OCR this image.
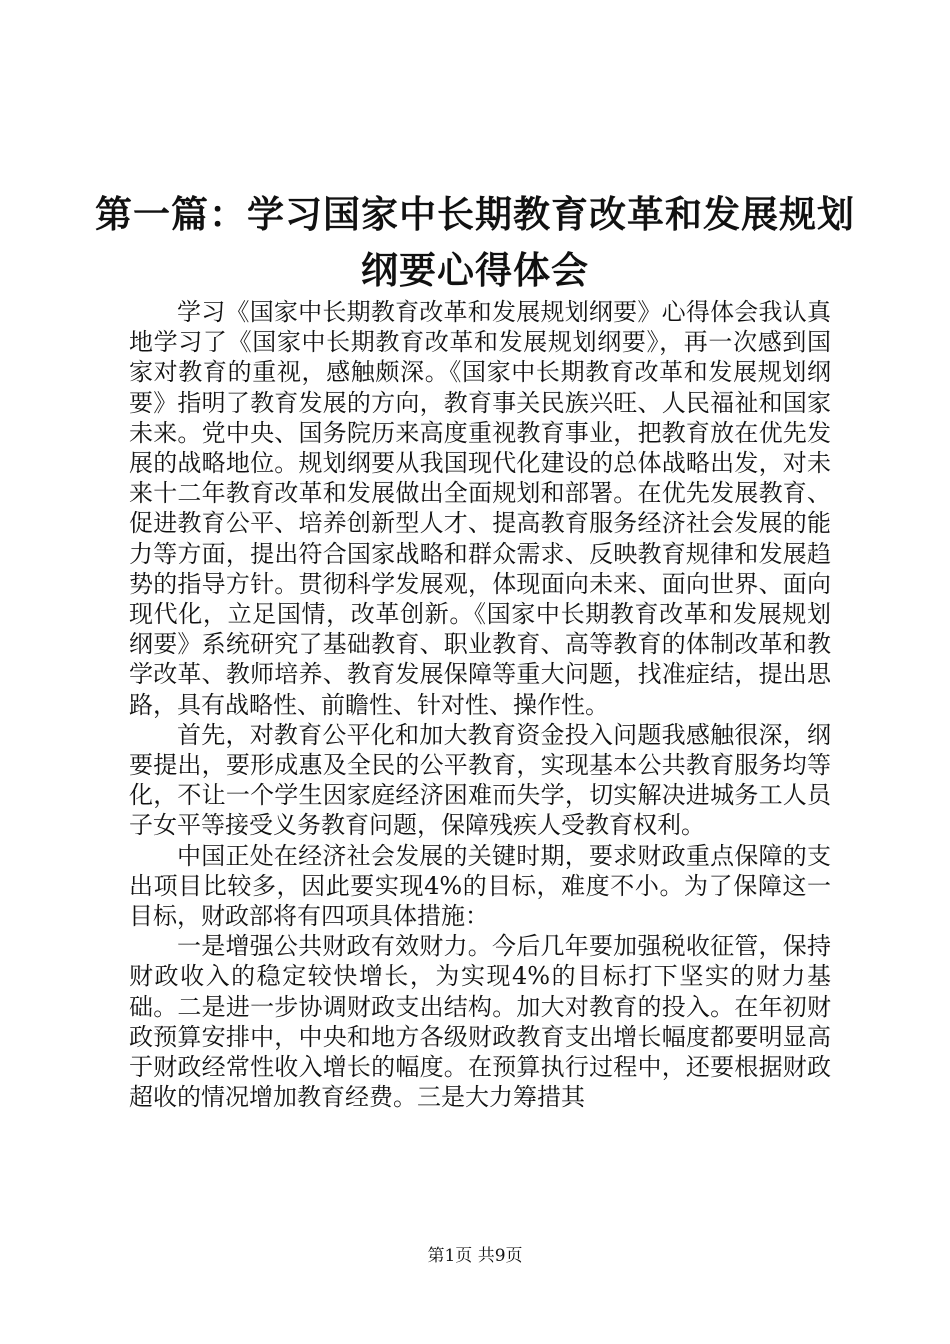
第一篇：学习国家中长期教育改革和发展规划
纲要心得体会

学习《国家中长期教育改革和发展规划纲要》心得体会我认真地学习了《国家中长期教育改革和发展规划纲要》，再一次感到国家对教育的重视，感触颇深。《国家中长期教育改革和发展规划纲要》指明了教育发展的方向，教育事关民族兴旺、人民福祉和国家未来。党中央、国务院历来高度重视教育事业，把教育放在优先发展的战略地位。规划纲要从我国现代化建设的总体战略出发，对未来十二年教育改革和发展做出全面规划和部署。在优先发展教育、促进教育公平、培养创新型人才、提高教育服务经济社会发展的能力等方面，提出符合国家战略和群众需求、反映教育规律和发展趋势的指导方针。贯彻科学发展观，体现面向未来、面向世界、面向现代化，立足国情，改革创新。《国家中长期教育改革和发展规划纲要》系统研究了基础教育、职业教育、高等教育的体制改革和教学改革、教师培养、教育发展保障等重大问题，找准症结，提出思路，具有战略性、前瞻性、针对性、操作性。

首先，对教育公平化和加大教育资金投入问题我感触很深，纲要提出，要形成惠及全民的公平教育，实现基本公共教育服务均等化，不让一个学生因家庭经济困难而失学，切实解决进城务工人员子女平等接受义务教育问题，保障残疾人受教育权利。

中国正处在经济社会发展的关键时期，要求财政重点保障的支出项目比较多，因此要实现4%的目标，难度不小。为了保障这一目标，财政部将有四项具体措施：

一是增强公共财政有效财力。今后几年要加强税收征管，保持财政收入的稳定较快增长，为实现4%的目标打下坚实的财力基础。二是进一步协调财政支出结构。加大对教育的投入。在年初财政预算安排中，中央和地方各级财政教育支出增长幅度都要明显高于财政经常性收入增长的幅度。在预算执行过程中，还要根据财政超收的情况增加教育经费。三是大力筹措其

第1页 共9页
